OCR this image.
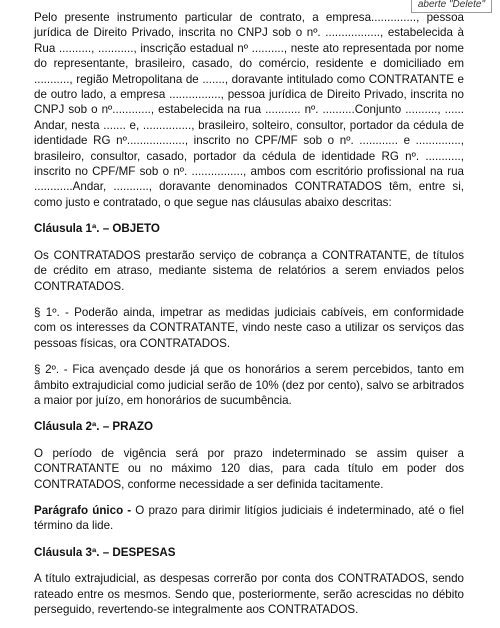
aberte "Delete"

Pelo presente instrumento particular de contrato, a empresa.............., pessoa jurídica de Direito Privado, inscrita no CNPJ sob o nº. ................., estabelecida à Rua .........., ..........., inscrição estadual nº .........., neste ato representada por nome do representante, brasileiro, casado, do comércio, residente e domiciliado em ..........., região Metropolitana de ......., doravante intitulado como CONTRATANTE e de outro lado, a empresa ................, pessoa jurídica de Direito Privado, inscrita no CNPJ sob o nº............, estabelecida na rua ........... nº. ..........Conjunto .........., ...... Andar, nesta ....... e, ..............., brasileiro, solteiro, consultor, portador da cédula de identidade RG nº.................., inscrito no CPF/MF sob o nº. ............ e .............., brasileiro, consultor, casado, portador da cédula de identidade RG nº. ..........., inscrito no CPF/MF sob o nº. ................, ambos com escritório profissional na rua ............Andar, ..........., doravante denominados CONTRATADOS têm, entre si, como justo e contratado, o que segue nas cláusulas abaixo descritas:

Cláusula 1ª. – OBJETO

Os CONTRATADOS prestarão serviço de cobrança a CONTRATANTE, de títulos de crédito em atraso, mediante sistema de relatórios a serem enviados pelos CONTRATADOS.

§ 1º. - Poderão ainda, impetrar as medidas judiciais cabíveis, em conformidade com os interesses da CONTRATANTE, vindo neste caso a utilizar os serviços das pessoas físicas, ora CONTRATADOS.

§ 2º. - Fica avençado desde já que os honorários a serem percebidos, tanto em âmbito extrajudicial como judicial serão de 10% (dez por cento), salvo se arbitrados a maior por juízo, em honorários de sucumbência.

Cláusula 2ª. – PRAZO

O período de vigência será por prazo indeterminado se assim quiser a CONTRATANTE ou no máximo 120 dias, para cada título em poder dos CONTRATADOS, conforme necessidade a ser definida tacitamente.

Parágrafo único - O prazo para dirimir litígios judiciais é indeterminado, até o fiel término da lide.

Cláusula 3ª. – DESPESAS

A título extrajudicial, as despesas correrão por conta dos CONTRATADOS, sendo rateado entre os mesmos. Sendo que, posteriormente, serão acrescidas no débito perseguido, revertendo-se integralmente aos CONTRATADOS.
